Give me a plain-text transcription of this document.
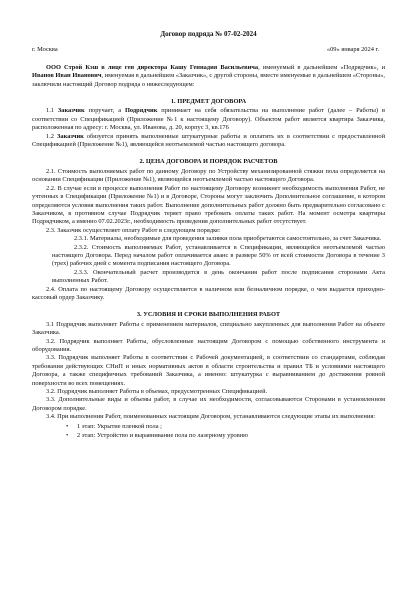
Договор подряда № 07-02-2024

г. Москва	«09» января 2024 г.

ООО Строй Кэш в лице ген директора Кашу Геннадия Васильевича, именуемый в дальнейшем «Подрядчик», и Иванов Иван Иванович, именуемая в дальнейшем «Заказчик», с другой стороны, вместе именуемые в дальнейшем «Стороны», заключили настоящий Договор подряда о нижеследующем:

1. ПРЕДМЕТ ДОГОВОРА

1.1 Заказчик поручает, а Подрядчик принимает на себя обязательства на выполнение работ (далее – Работы) в соответствии со Спецификацией (Приложение №1 к настоящему Договору). Объектом работ является квартира Заказчика, расположенная по адресу: г. Москва, ул. Иванова, д. 20, корпус 3, кв.176

1.2 Заказчик обязуется принять выполненные штукатурные работы и оплатить их в соответствии с предоставленной Спецификацией (Приложение №1), являющейся неотъемлемой частью настоящего договора.

2. ЦЕНА ДОГОВОРА И ПОРЯДОК РАСЧЕТОВ

2.1. Стоимость выполняемых работ по данному Договору по Устройству механизированной стяжки пола определяется на основании Спецификации (Приложение №1), являющейся неотъемлемой частью настоящего Договора.

2.2. В случае если в процессе выполнения Работ по настоящему Договору возникнет необходимость выполнения Работ, не учтенных в Спецификации (Приложение №1) и в Договоре, Стороны могут заключить Дополнительное соглашение, в котором определяются условия выполнения таких работ. Выполнение дополнительных работ должно быть предварительно согласовано с Заказчиком, в противном случае Подрядчик теряет право требовать оплаты таких работ. На момент осмотра квартиры Подрядчиком, а именно 07.02.2023г., необходимость проведения дополнительных работ отсутствует.

2.3. Заказчик осуществляет оплату Работ в следующем порядке:

2.3.1. Материалы, необходимые для проведения заливки пола приобретаются самостоятельно, за счет Заказчика.

2.3.2. Стоимость выполняемых Работ, устанавливается в Спецификации, являющейся неотъемлемой частью настоящего Договора. Перед началом работ оплачивается аванс в размере 50% от всей стоимости Договора в течение 3 (трех) рабочих дней с момента подписания настоящего Договора.

2.3.3. Окончательный расчет производится в день окончания работ после подписания сторонами Акта выполненных Работ.

2.4. Оплата по настоящему Договору осуществляется в наличном или безналичном порядке, о чем выдается приходно-кассовый ордер Заказчику.

3. УСЛОВИЯ И СРОКИ ВЫПОЛНЕНИЯ РАБОТ

3.1 Подрядчик выполняет Работы с применением материалов, специально закупленных для выполнения Работ на объекте Заказчика.

3.2. Подрядчик выполняет Работы, обусловленные настоящим Договором с помощью собственного инструмента и оборудования.

3.3. Подрядчик выполняет Работы в соответствии с Рабочей документацией, в соответствии со стандартами, соблюдая требования действующих СНиП и иных нормативных актов в области строительства и правил ТБ и условиями настоящего Договора, а также специфичных требований Заказчика, а именно: штукатурка с выравниванием до достижения ровной поверхности во всех помещениях.

3.2. Подрядчик выполняет Работы в объемах, предусмотренных Спецификацией.

3.3. Дополнительные виды и объемы работ, в случае их необходимости, согласовываются Сторонами в установленном Договором порядке.

3.4. При выполнении Работ, поименованных настоящим Договором, устанавливаются следующие этапы их выполнения:

•	1 этап: Укрытие пленкой пола ;
•	2 этап: Устройство и выравнивание пола по лазерному уровню
